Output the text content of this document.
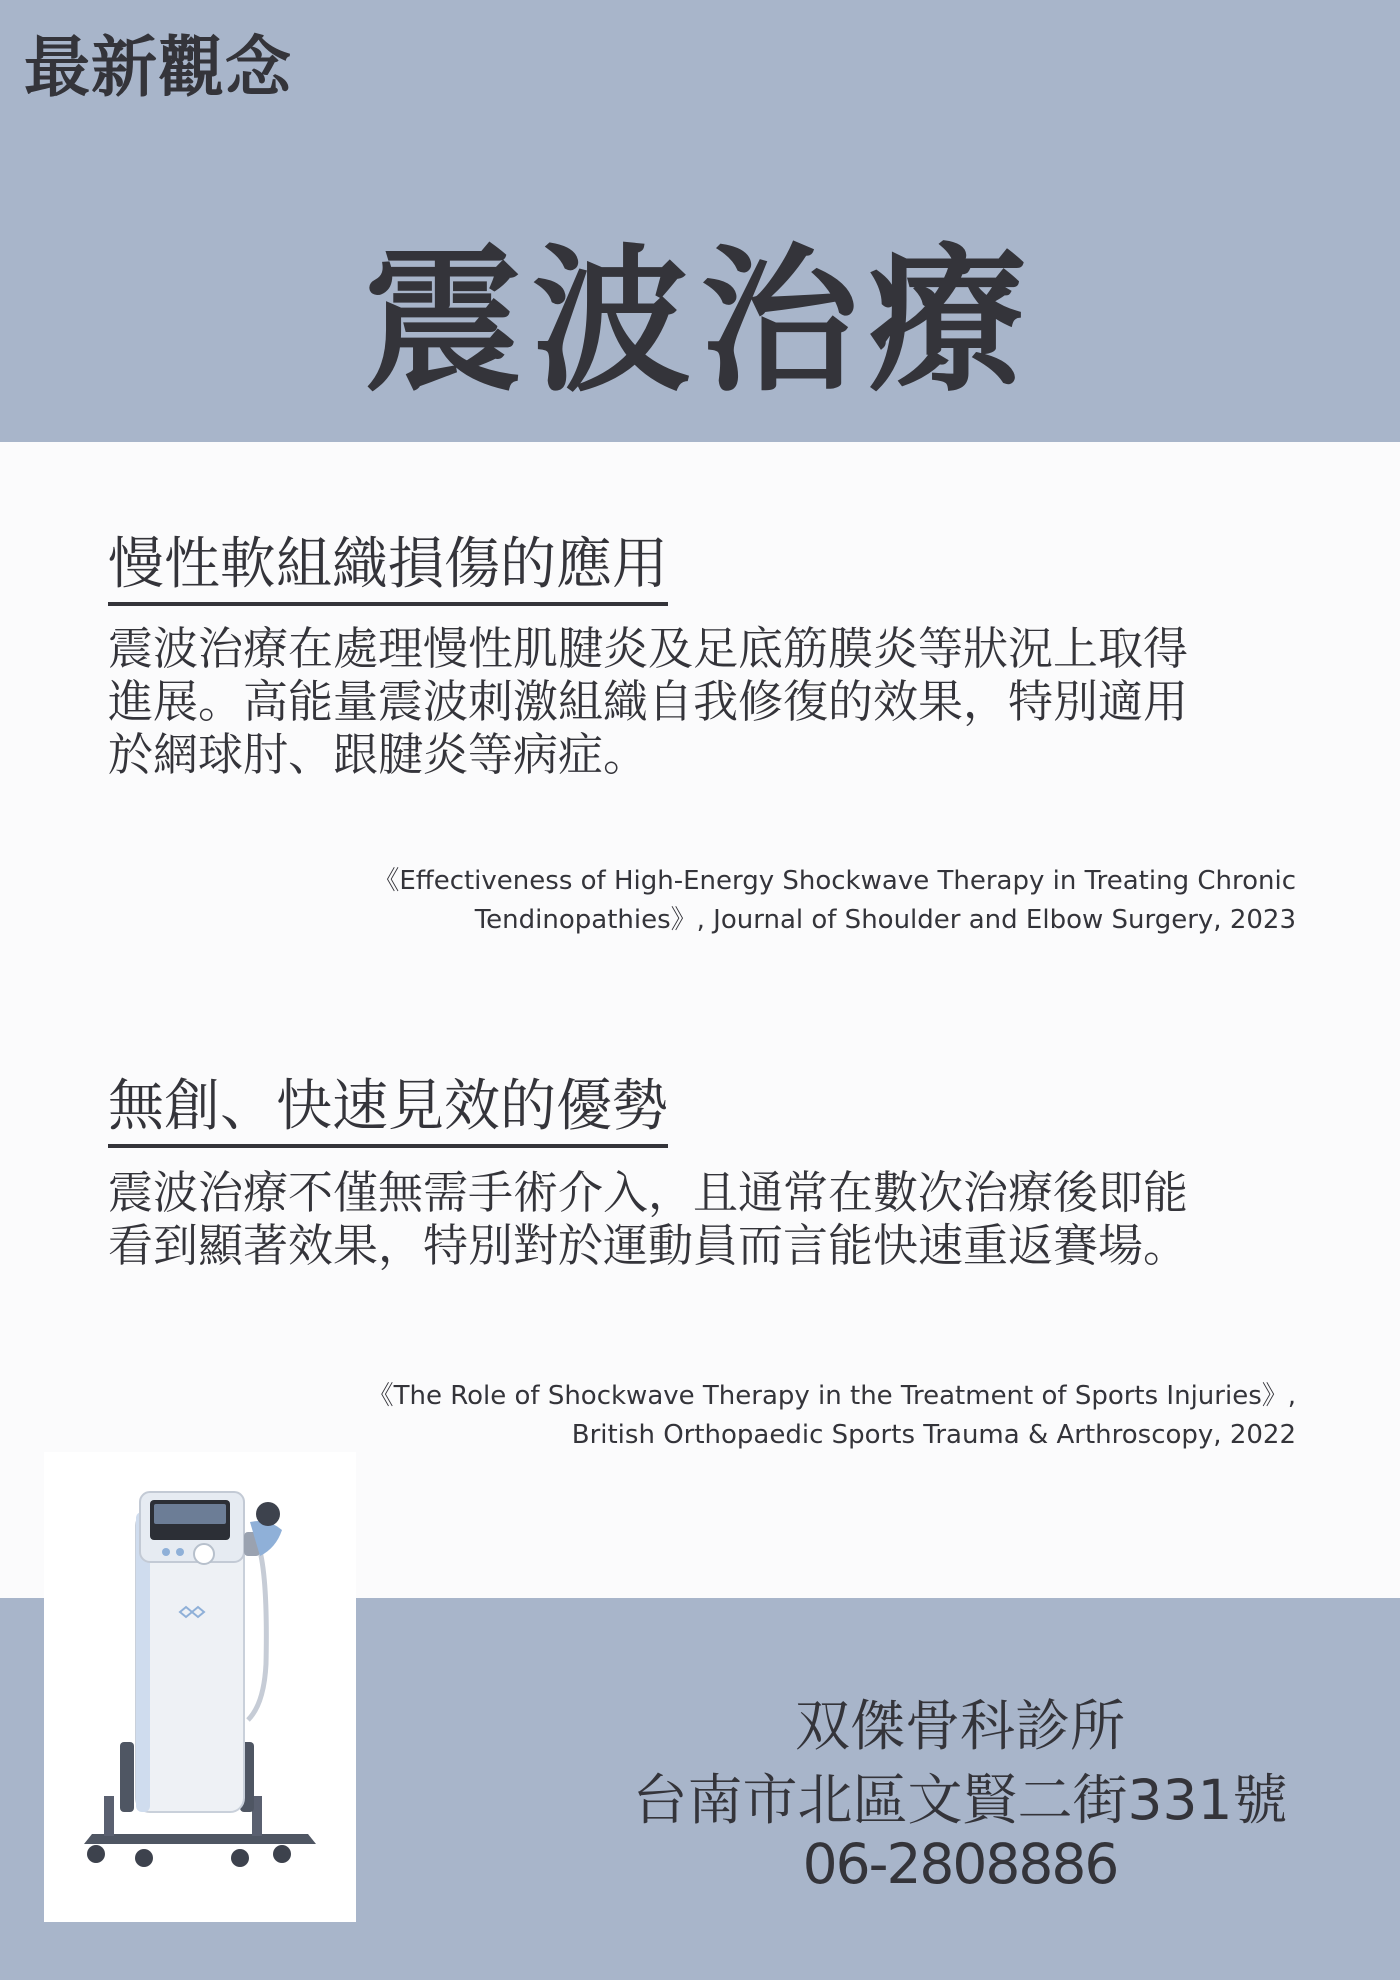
最新觀念
震波治療
慢性軟組織損傷的應用
震波治療在處理慢性肌腱炎及足底筋膜炎等狀況上取得
進展。高能量震波刺激組織自我修復的效果，特別適用
於網球肘、跟腱炎等病症。
《Effectiveness of High-Energy Shockwave Therapy in Treating Chronic
Tendinopathies》, Journal of Shoulder and Elbow Surgery, 2023
無創、快速見效的優勢
震波治療不僅無需手術介入，且通常在數次治療後即能
看到顯著效果，特別對於運動員而言能快速重返賽場。
《The Role of Shockwave Therapy in the Treatment of Sports Injuries》,
British Orthopaedic Sports Trauma & Arthroscopy, 2022
双傑骨科診所
台南市北區文賢二街331號
06-2808886
